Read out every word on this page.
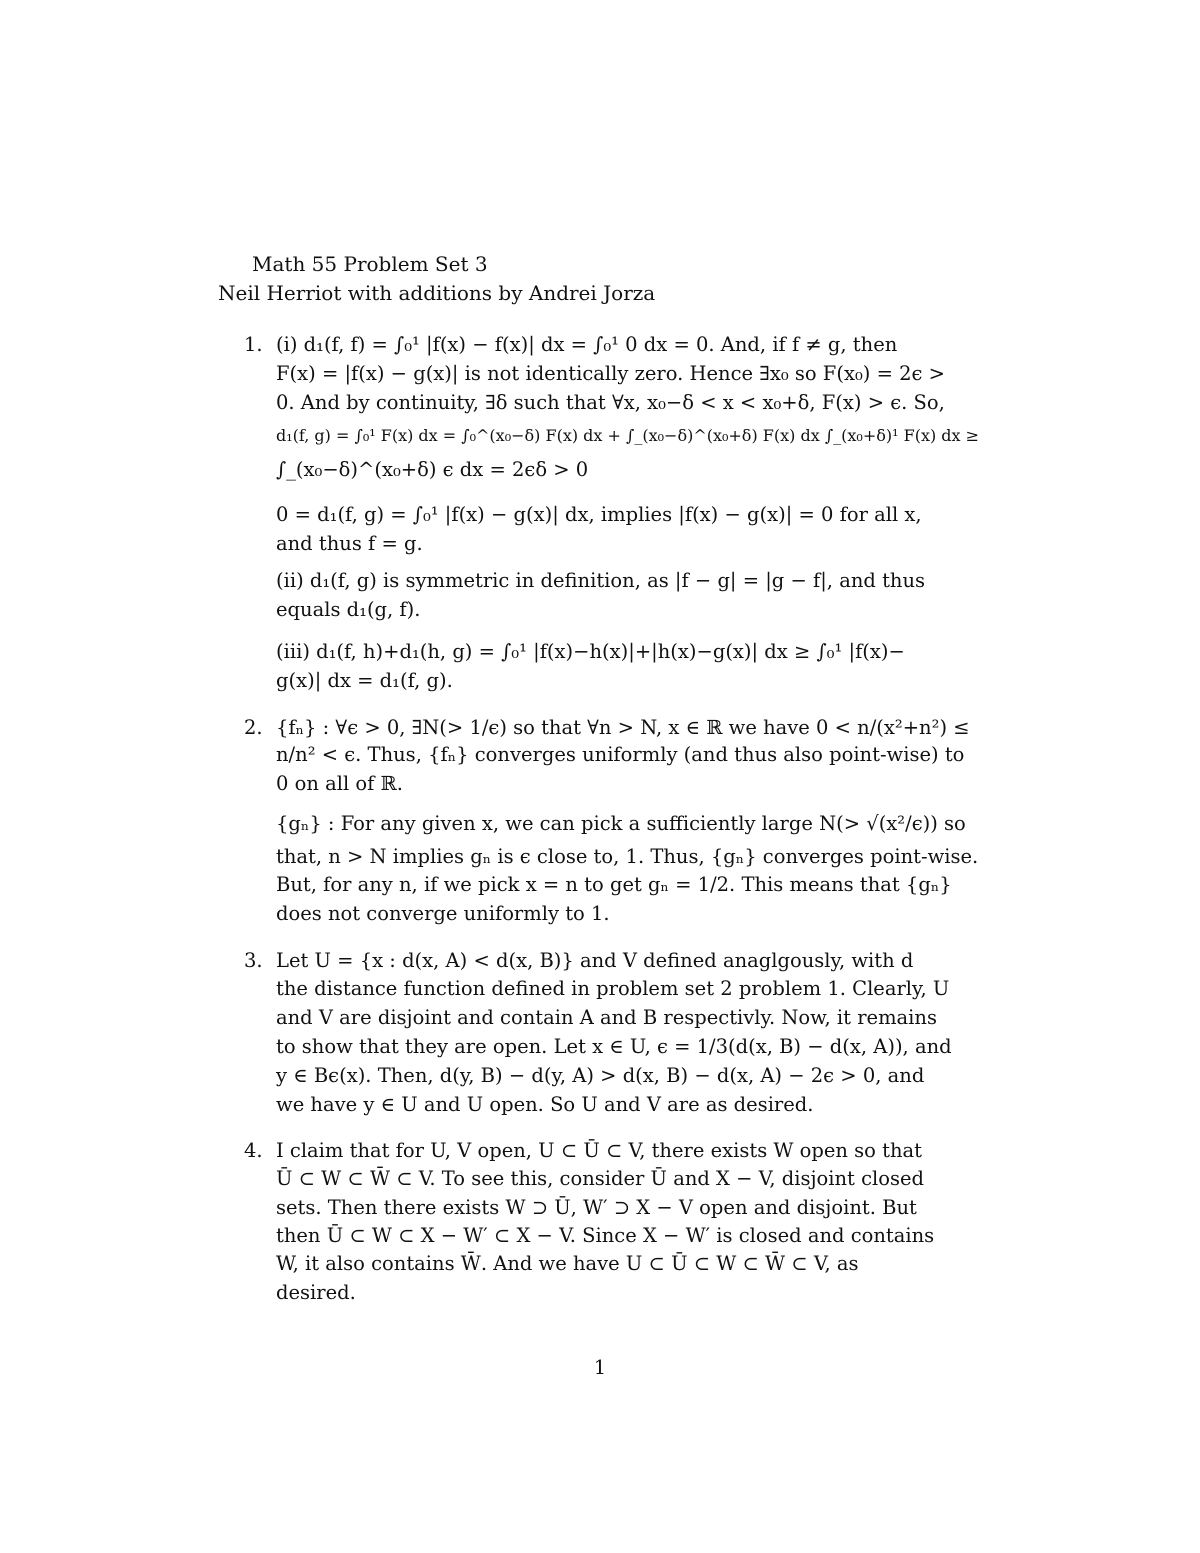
Math 55 Problem Set 3
Neil Herriot with additions by Andrei Jorza
1. (i) d₁(f, f) = ∫₀¹ |f(x) − f(x)| dx = ∫₀¹ 0 dx = 0. And, if f ≠ g, then
F(x) = |f(x) − g(x)| is not identically zero. Hence ∃x₀ so F(x₀) = 2ϵ >
0. And by continuity, ∃δ such that ∀x, x₀−δ < x < x₀+δ, F(x) > ϵ. So,
d₁(f, g) = ∫₀¹ F(x) dx = ∫₀^(x₀−δ) F(x) dx + ∫_(x₀−δ)^(x₀+δ) F(x) dx ∫_(x₀+δ)¹ F(x) dx ≥
∫_(x₀−δ)^(x₀+δ) ϵ dx = 2ϵδ > 0
0 = d₁(f, g) = ∫₀¹ |f(x) − g(x)| dx, implies |f(x) − g(x)| = 0 for all x,
and thus f = g.
(ii) d₁(f, g) is symmetric in definition, as |f − g| = |g − f|, and thus
equals d₁(g, f).
(iii) d₁(f, h)+d₁(h, g) = ∫₀¹ |f(x)−h(x)|+|h(x)−g(x)| dx ≥ ∫₀¹ |f(x)−
g(x)| dx = d₁(f, g).
2. {fₙ} : ∀ϵ > 0, ∃N(> 1/ϵ) so that ∀n > N, x ∈ ℝ we have 0 < n/(x²+n²) ≤
n/n² < ϵ. Thus, {fₙ} converges uniformly (and thus also point-wise) to
0 on all of ℝ.
{gₙ} : For any given x, we can pick a sufficiently large N(> √(x²/ϵ)) so
that, n > N implies gₙ is ϵ close to, 1. Thus, {gₙ} converges point-wise.
But, for any n, if we pick x = n to get gₙ = 1/2. This means that {gₙ}
does not converge uniformly to 1.
3. Let U = {x : d(x, A) < d(x, B)} and V defined anaglgously, with d
the distance function defined in problem set 2 problem 1. Clearly, U
and V are disjoint and contain A and B respectivly. Now, it remains
to show that they are open. Let x ∈ U, ϵ = 1/3(d(x, B) − d(x, A)), and
y ∈ Bϵ(x). Then, d(y, B) − d(y, A) > d(x, B) − d(x, A) − 2ϵ > 0, and
we have y ∈ U and U open. So U and V are as desired.
4. I claim that for U, V open, U ⊂ Ū ⊂ V, there exists W open so that
Ū ⊂ W ⊂ W̄ ⊂ V. To see this, consider Ū and X − V, disjoint closed
sets. Then there exists W ⊃ Ū, W′ ⊃ X − V open and disjoint. But
then Ū ⊂ W ⊂ X − W′ ⊂ X − V. Since X − W′ is closed and contains
W, it also contains W̄. And we have U ⊂ Ū ⊂ W ⊂ W̄ ⊂ V, as
desired.
1
